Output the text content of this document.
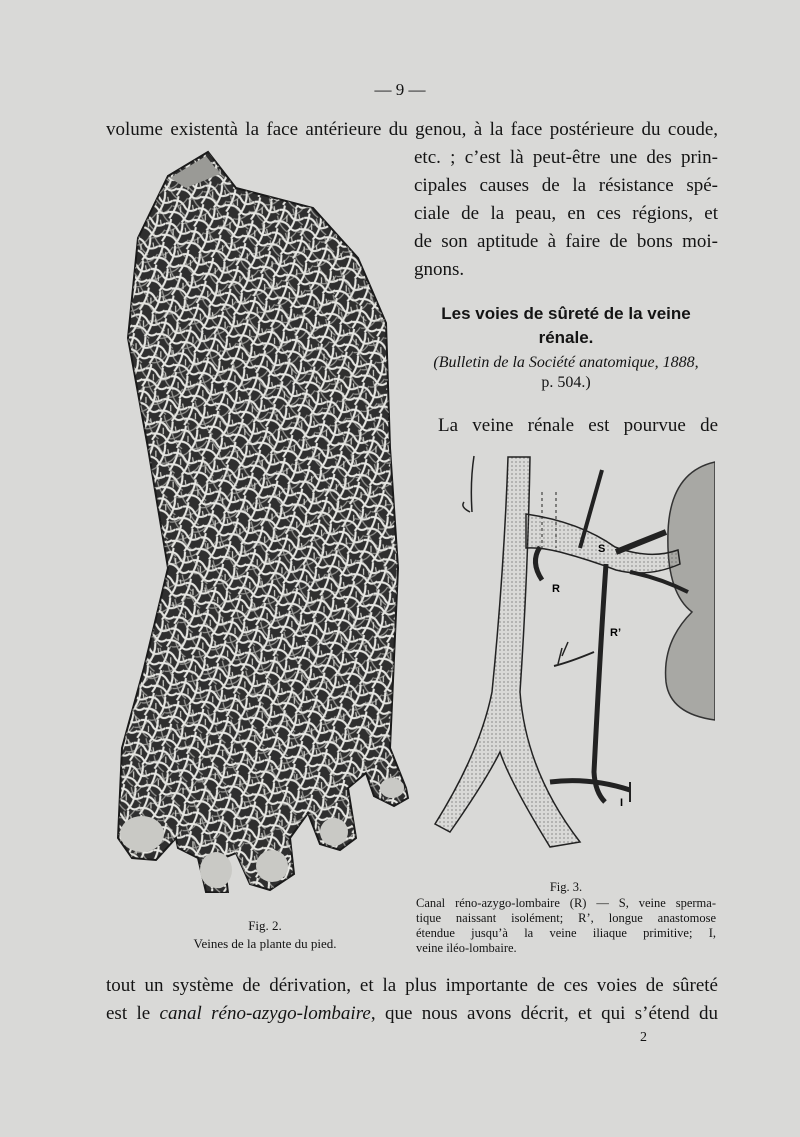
— 9 —
volume existentà la face antérieure du genou, à la face postérieure du coude,
etc. ; c’est là peut-être une des prin-
cipales causes de la résistance spé-
ciale de la peau, en ces régions, et
de son aptitude à faire de bons moi-
gnons.
Les voies de sûreté de la veine
rénale.
(Bulletin de la Société anatomique, 1888,
p. 504.)
La veine rénale est pourvue de
Fig. 2.
Veines de la plante du pied.
S
R
R’
I
Fig. 3.
Canal réno-azygo-lombaire (R) — S, veine sperma-
tique naissant isolément; R’, longue anastomose
étendue jusqu’à la veine iliaque primitive; I,
veine iléo-lombaire.
tout un système de dérivation, et la plus importante de ces voies de sûreté
est le canal réno-azygo-lombaire, que nous avons décrit, et qui s’étend du
2
